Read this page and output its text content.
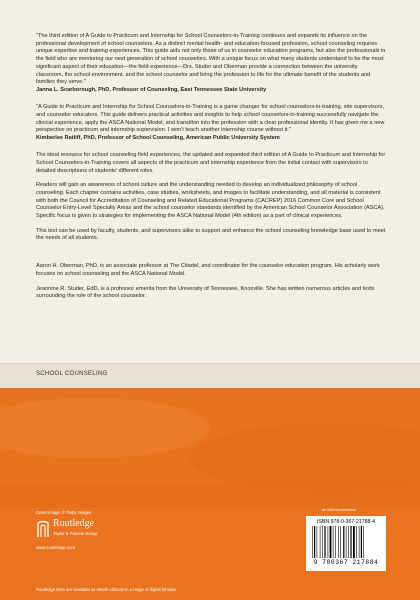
"The third edition of A Guide to Practicum and Internship for School Counselors-in-Training continues and expands its influence on the professional development of school counselors. As a distinct mental health- and education-focused profession, school counseling requires unique expertise and training experiences. This guide aids not only those of us in counselor education programs, but also the professionals in the field who are mentoring our next generation of school counselors. With a unique focus on what many students understand to be the most significant aspect of their education—the field experience—Drs. Studer and Oberman provide a connection between the university classroom, the school environment, and the school counselor and bring the profession to life for the ultimate benefit of the students and families they serve."

Janna L. Scarborough, PhD, Professor of Counseling, East Tennessee State University

"A Guide to Practicum and Internship for School Counselors-in-Training is a game changer for school counselors-in-training, site supervisors, and counselor educators. This guide delivers practical activities and insights to help school counselors-in-training successfully navigate the clinical experience, apply the ASCA National Model, and transition into the profession with a clear professional identity. It has given me a new perspective on practicum and internship supervision. I won't teach another internship course without it."

Kimberlee Ratliff, PhD, Professor of School Counseling, American Public University System

The ideal resource for school counseling field experiences, the updated and expanded third edition of A Guide to Practicum and Internship for School Counselors-in-Training covers all aspects of the practicum and internship experience from the initial contact with supervisors to detailed descriptions of students' different roles.

Readers will gain an awareness of school culture and the understanding needed to develop an individualized philosophy of school counseling. Each chapter contains activities, case studies, worksheets, and images to facilitate understanding, and all material is consistent with both the Council for Accreditation of Counseling and Related Educational Programs (CACREP) 2016 Common Core and School Counselor Entry-Level Specialty Areas and the school counselor standards identified by the American School Counselor Association (ASCA). Specific focus is given to strategies for implementing the ASCA National Model (4th edition) as a part of clinical experiences.

This text can be used by faculty, students, and supervisors alike to support and enhance the school counseling knowledge base used to meet the needs of all students.

Aaron H. Oberman, PhD, is an associate professor at The Citadel, and coordinator for the counselor education program. His scholarly work focuses on school counseling and the ASCA National Model.

Jeannine R. Studer, EdD, is a professor emerita from the University of Tennessee, Knoxville. She has written numerous articles and texts surrounding the role of the school counselor.

SCHOOL COUNSELING
Cover image: © Getty Images
Routledge
Taylor & Francis Group
www.routledge.com
an informa business
ISBN 978-0-367-21788-4
9 780367 217884
Routledge titles are available as eBook editions in a range of digital formats
